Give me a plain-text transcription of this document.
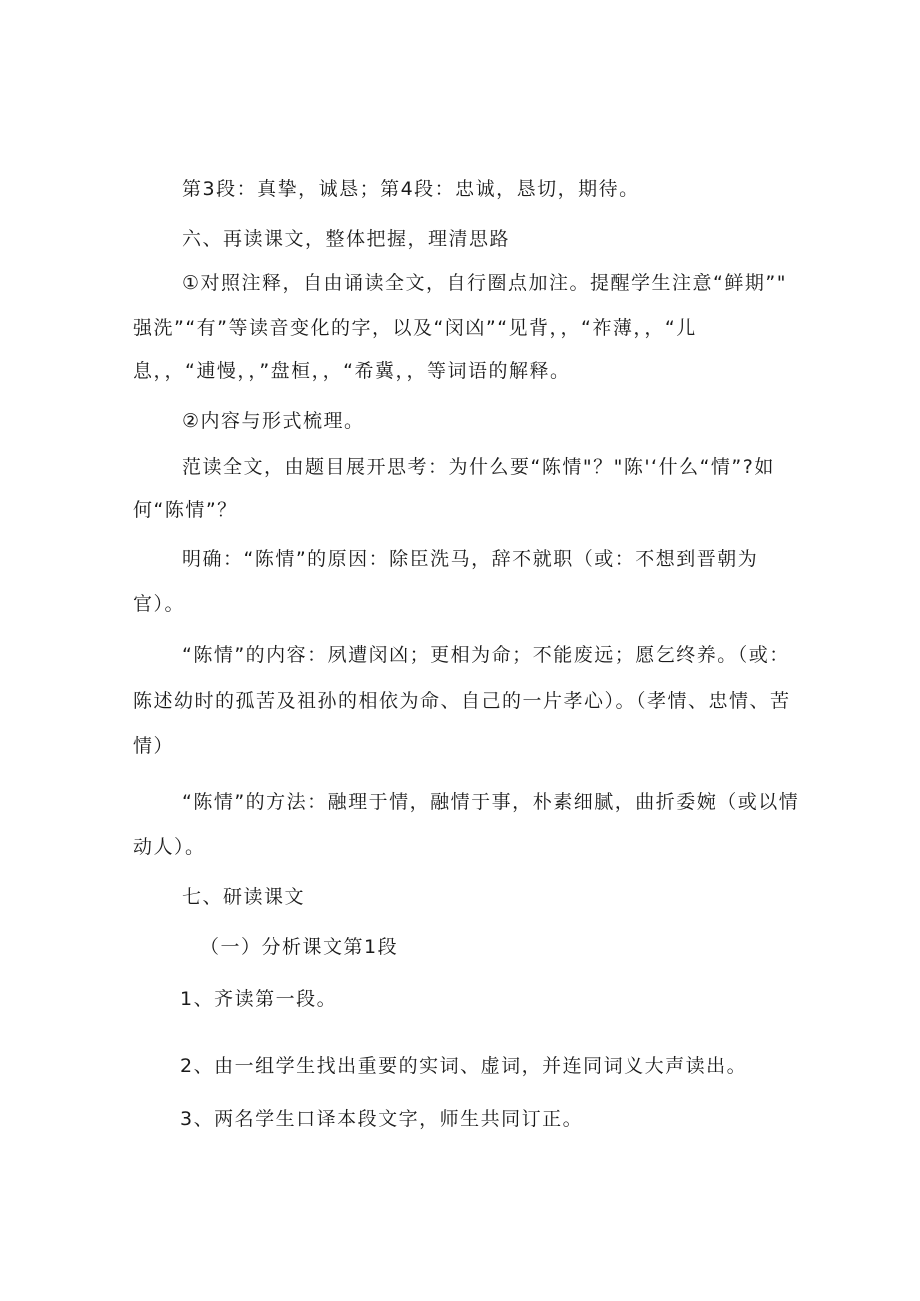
第3段：真挚，诚恳；第4段：忠诚，恳切，期待。
六、再读课文，整体把握，理清思路
①对照注释，自由诵读全文，自行圈点加注。提醒学生注意“鲜期”"
强洗”“有”等读音变化的字，以及“闵凶”“见背，，“祚薄，，“儿
息，，“逋慢，，”盘桓，，“希冀，，等词语的解释。
②内容与形式梳理。
范读全文，由题目展开思考：为什么要“陈情"？"陈'‘什么“情”?如
何“陈情”？
明确：“陈情”的原因：除臣洗马，辞不就职（或：不想到晋朝为
官）。
“陈情”的内容：夙遭闵凶；更相为命；不能废远；愿乞终养。（或：
陈述幼时的孤苦及祖孙的相依为命、自己的一片孝心）。（孝情、忠情、苦
情）
“陈情”的方法：融理于情，融情于事，朴素细腻，曲折委婉（或以情
动人）。
七、研读课文
（一）分析课文第1段
1、齐读第一段。
2、由一组学生找出重要的实词、虚词，并连同词义大声读出。
3、两名学生口译本段文字，师生共同订正。
